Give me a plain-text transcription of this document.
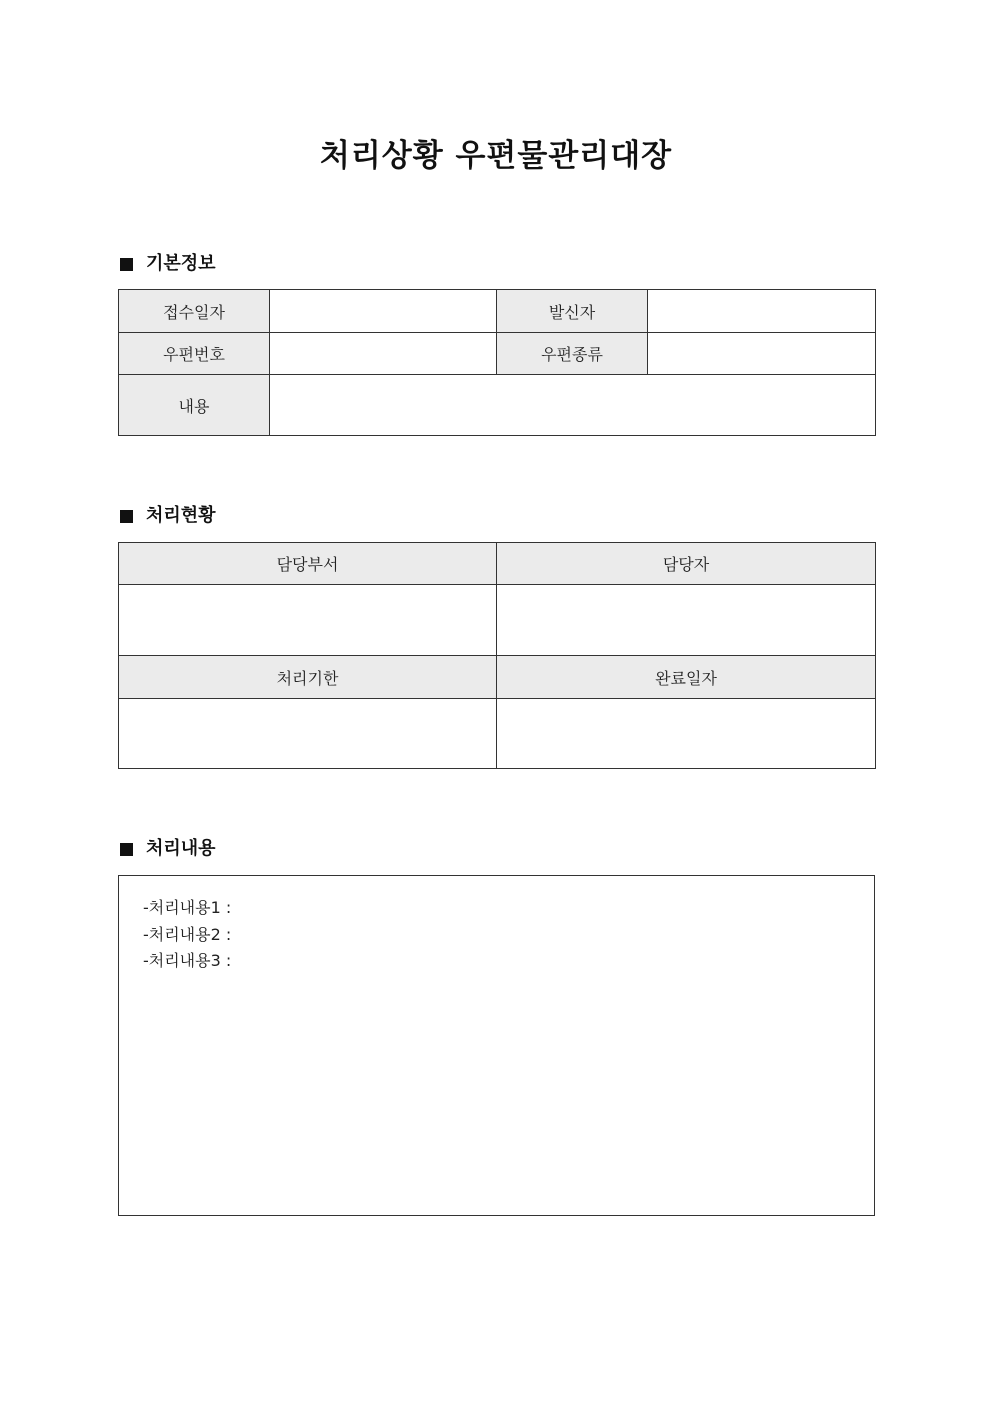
처리상황 우편물관리대장
기본정보
접수일자		발신자	
우편번호		우편종류	
내용			
처리현황
담당부서	담당자

처리기한	완료일자

처리내용
-처리내용1 :
-처리내용2 :
-처리내용3 :
